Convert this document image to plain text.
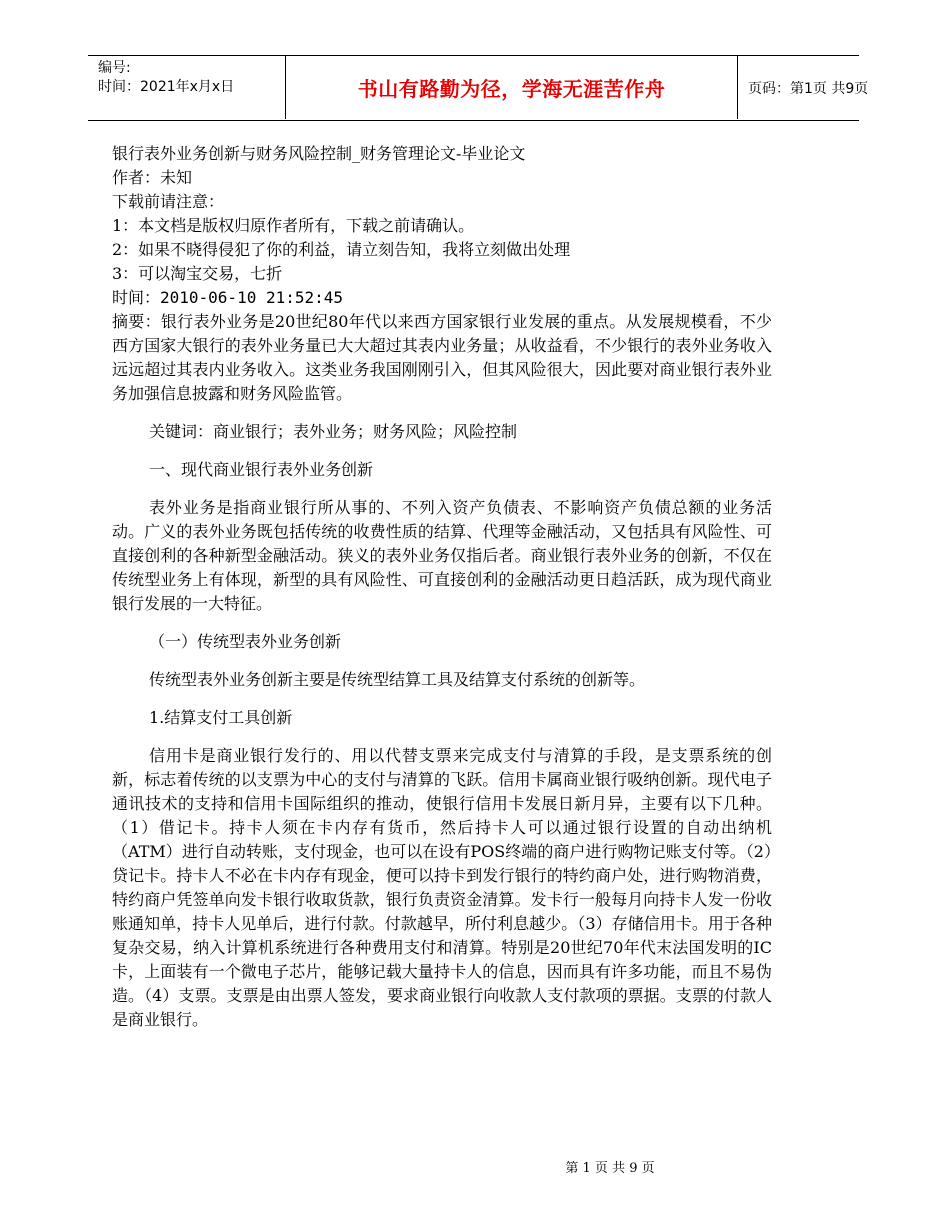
编号:
时间：2021年x月x日	书山有路勤为径，学海无涯苦作舟	页码：第1页 共9页
银行表外业务创新与财务风险控制_财务管理论文-毕业论文
作者：未知
下载前请注意：
1：本文档是版权归原作者所有，下载之前请确认。
2：如果不晓得侵犯了你的利益，请立刻告知，我将立刻做出处理
3：可以淘宝交易，七折
时间：2010-06-10 21:52:45
摘要：银行表外业务是20世纪80年代以来西方国家银行业发展的重点。从发展规模看，不少西方国家大银行的表外业务量已大大超过其表内业务量；从收益看，不少银行的表外业务收入远远超过其表内业务收入。这类业务我国刚刚引入，但其风险很大，因此要对商业银行表外业务加强信息披露和财务风险监管。
关键词：商业银行；表外业务；财务风险；风险控制
一、现代商业银行表外业务创新
表外业务是指商业银行所从事的、不列入资产负债表、不影响资产负债总额的业务活动。广义的表外业务既包括传统的收费性质的结算、代理等金融活动，又包括具有风险性、可直接创利的各种新型金融活动。狭义的表外业务仅指后者。商业银行表外业务的创新，不仅在传统型业务上有体现，新型的具有风险性、可直接创利的金融活动更日趋活跃，成为现代商业银行发展的一大特征。
（一）传统型表外业务创新
传统型表外业务创新主要是传统型结算工具及结算支付系统的创新等。
1.结算支付工具创新
信用卡是商业银行发行的、用以代替支票来完成支付与清算的手段，是支票系统的创新，标志着传统的以支票为中心的支付与清算的飞跃。信用卡属商业银行吸纳创新。现代电子通讯技术的支持和信用卡国际组织的推动，使银行信用卡发展日新月异，主要有以下几种。（1）借记卡。持卡人须在卡内存有货币，然后持卡人可以通过银行设置的自动出纳机（ATM）进行自动转账，支付现金，也可以在设有POS终端的商户进行购物记账支付等。（2）贷记卡。持卡人不必在卡内存有现金，便可以持卡到发行银行的特约商户处，进行购物消费，特约商户凭签单向发卡银行收取货款，银行负责资金清算。发卡行一般每月向持卡人发一份收账通知单，持卡人见单后，进行付款。付款越早，所付利息越少。（3）存储信用卡。用于各种复杂交易，纳入计算机系统进行各种费用支付和清算。特别是20世纪70年代末法国发明的IC卡，上面装有一个微电子芯片，能够记载大量持卡人的信息，因而具有许多功能，而且不易伪造。（4）支票。支票是由出票人签发，要求商业银行向收款人支付款项的票据。支票的付款人是商业银行。
第 1 页 共 9 页
